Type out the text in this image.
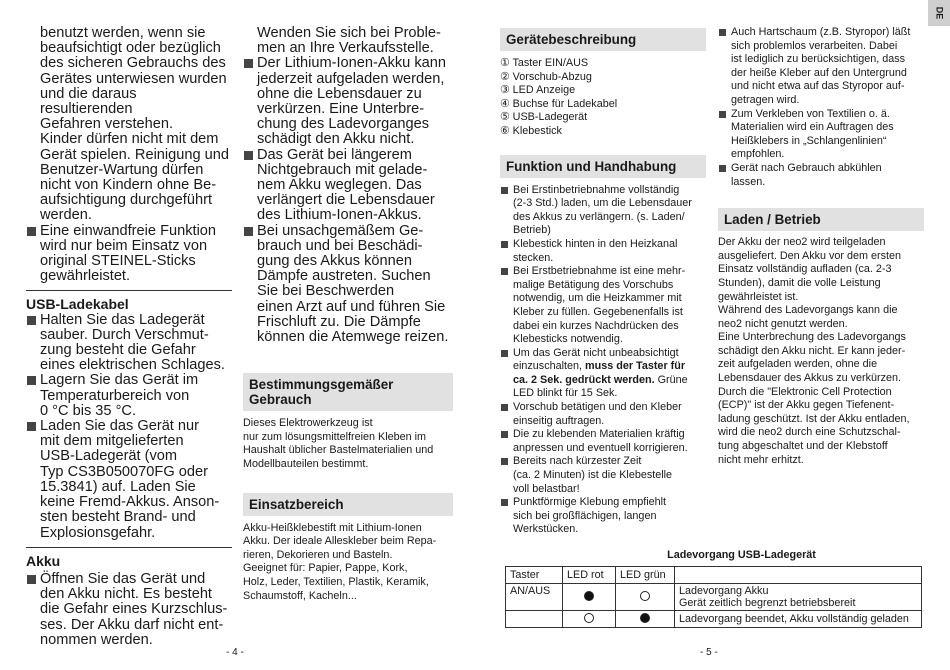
benutzt werden, wenn sie
beaufsichtigt oder bezüglich
des sicheren Gebrauchs des
Gerätes unterwiesen wurden
und die daraus resultierenden
Gefahren verstehen.
Kinder dürfen nicht mit dem
Gerät spielen. Reinigung und
Benutzer-Wartung dürfen
nicht von Kindern ohne Be-
aufsichtigung durchgeführt
werden.
Eine einwandfreie Funktion
wird nur beim Einsatz von
original STEINEL-Sticks
gewährleistet.
USB-Ladekabel
Halten Sie das Ladegerät
sauber. Durch Verschmut-
zung besteht die Gefahr
eines elektrischen Schlages.
Lagern Sie das Gerät im
Temperaturbereich von
0 °C bis 35 °C.
Laden Sie das Gerät nur
mit dem mitgelieferten
USB-Ladegerät (vom
Typ CS3B050070FG oder
15.3841) auf. Laden Sie
keine Fremd-Akkus. Anson-
sten besteht Brand- und
Explosionsgefahr.
Akku
Öffnen Sie das Gerät und
den Akku nicht. Es besteht
die Gefahr eines Kurzschlus-
ses. Der Akku darf nicht ent-
nommen werden.
Wenden Sie sich bei Proble-
men an Ihre Verkaufsstelle.
Der Lithium-Ionen-Akku kann
jederzeit aufgeladen werden,
ohne die Lebensdauer zu
verkürzen. Eine Unterbre-
chung des Ladevorganges
schädigt den Akku nicht.
Das Gerät bei längerem
Nichtgebrauch mit gelade-
nem Akku weglegen. Das
verlängert die Lebensdauer
des Lithium-Ionen-Akkus.
Bei unsachgemäßem Ge-
brauch und bei Beschädi-
gung des Akkus können
Dämpfe austreten. Suchen
Sie bei Beschwerden
einen Arzt auf und führen Sie
Frischluft zu. Die Dämpfe
können die Atemwege reizen.
Bestimmungsgemäßer
Gebrauch
Dieses Elektrowerkzeug ist
nur zum lösungsmittelfreien Kleben im
Haushalt üblicher Bastelmaterialien und
Modellbauteilen bestimmt.
Einsatzbereich
Akku-Heißklebestift mit Lithium-Ionen
Akku. Der ideale Alleskleber beim Repa-
rieren, Dekorieren und Basteln.
Geeignet für: Papier, Pappe, Kork,
Holz, Leder, Textilien, Plastik, Keramik,
Schaumstoff, Kacheln...
Gerätebeschreibung
① Taster EIN/AUS
② Vorschub-Abzug
③ LED Anzeige
④ Buchse für Ladekabel
⑤ USB-Ladegerät
⑥ Klebestick
Funktion und Handhabung
Bei Erstinbetriebnahme vollständig
(2-3 Std.) laden, um die Lebensdauer
des Akkus zu verlängern. (s. Laden/
Betrieb)
Klebestick hinten in den Heizkanal
stecken.
Bei Erstbetriebnahme ist eine mehr-
malige Betätigung des Vorschubs
notwendig, um die Heizkammer mit
Kleber zu füllen. Gegebenenfalls ist
dabei ein kurzes Nachdrücken des
Klebesticks notwendig.
Um das Gerät nicht unbeabsichtigt
einzuschalten, muss der Taster für
ca. 2 Sek. gedrückt werden. Grüne
LED blinkt für 15 Sek.
Vorschub betätigen und den Kleber
einseitig auftragen.
Die zu klebenden Materialien kräftig
anpressen und eventuell korrigieren.
Bereits nach kürzester Zeit
(ca. 2 Minuten) ist die Klebestelle
voll belastbar!
Punktförmige Klebung empfiehlt
sich bei großflächigen, langen
Werkstücken.
Auch Hartschaum (z.B. Styropor) läßt
sich problemlos verarbeiten. Dabei
ist lediglich zu berücksichtigen, dass
der heiße Kleber auf den Untergrund
und nicht etwa auf das Styropor auf-
getragen wird.
Zum Verkleben von Textilien o. ä.
Materialien wird ein Auftragen des
Heißklebers in „Schlangenlinien“
empfohlen.
Gerät nach Gebrauch abkühlen
lassen.
Laden / Betrieb
Der Akku der neo2 wird teilgeladen
ausgeliefert. Den Akku vor dem ersten
Einsatz vollständig aufladen (ca. 2-3
Stunden), damit die volle Leistung
gewährleistet ist.
Während des Ladevorgangs kann die
neo2 nicht genutzt werden.
Eine Unterbrechung des Ladevorgangs
schädigt den Akku nicht. Er kann jeder-
zeit aufgeladen werden, ohne die
Lebensdauer des Akkus zu verkürzen.
Durch die "Elektronic Cell Protection
(ECP)" ist der Akku gegen Tiefenent-
ladung geschützt. Ist der Akku entladen,
wird die neo2 durch eine Schutzschal-
tung abgeschaltet und der Klebstoff
nicht mehr erhitzt.
Ladevorgang USB-Ladegerät
Taster	LED rot	LED grün	
AN/AUS			Ladevorgang Akku
Gerät zeitlich begrenzt betriebsbereit

			Ladevorgang beendet, Akku vollständig geladen
DE
- 4 -	- 5 -
